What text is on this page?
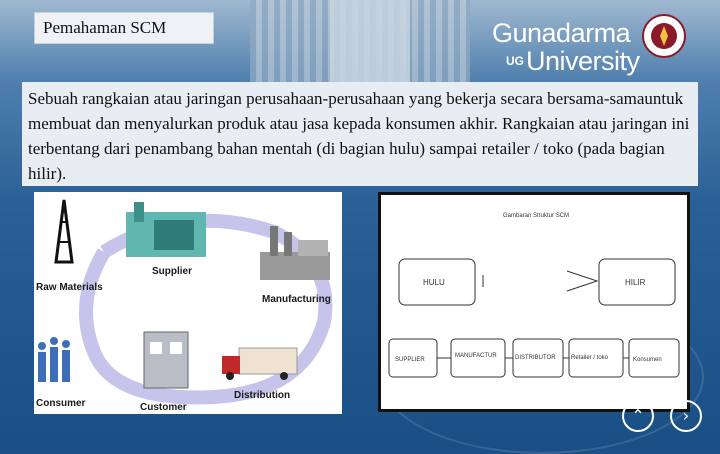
Pemahaman SCM	Gunadarma
UG University
Sebuah rangkaian atau jaringan perusahaan-perusahaan yang bekerja secara bersama-samauntuk membuat dan menyalurkan produk atau jasa kepada konsumen akhir. Rangkaian atau jaringan ini terbentang dari penambang bahan mentah (di bagian hulu) sampai retailer / toko (pada bagian hilir).
Raw Materials
Supplier
Manufacturing
Distribution
Customer
Consumer
Gambaran Struktur SCM
HULU	HILIR
SUPPLIER
MANUFACTUR	DISTRIBUTOR	Retailer / toko	Konsumen
⌃	›
